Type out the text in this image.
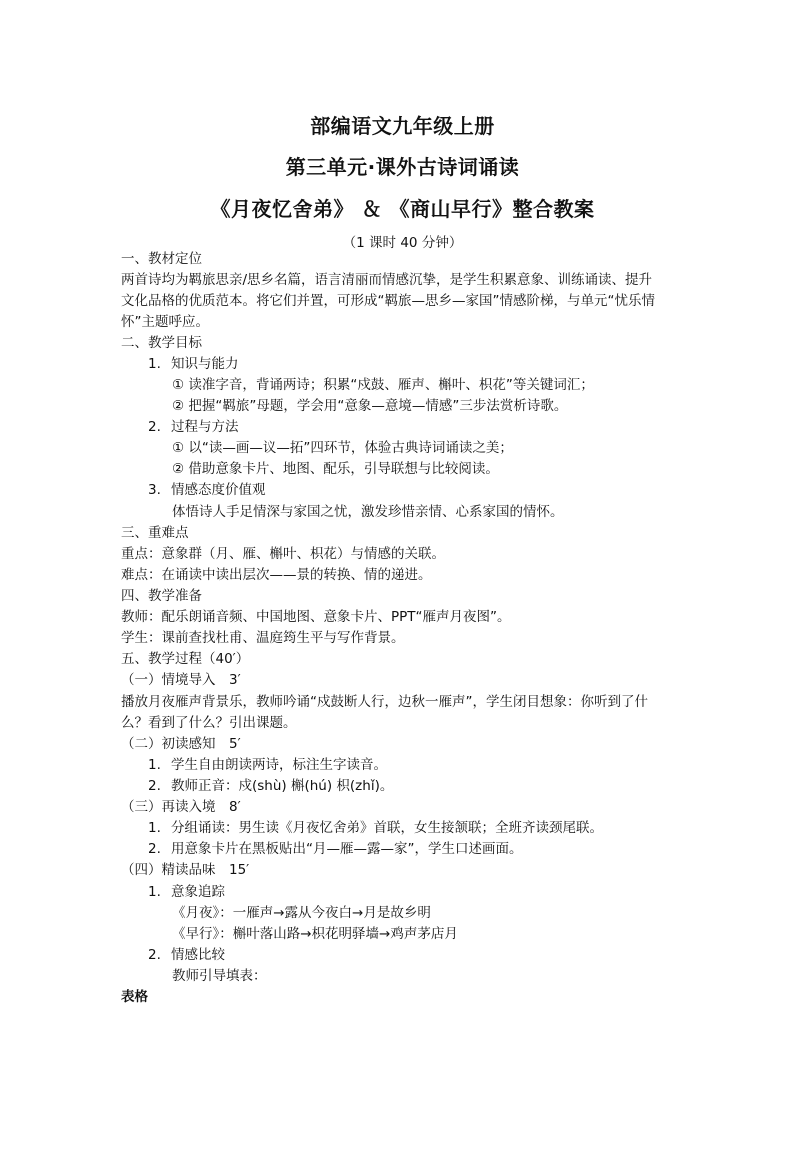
部编语文九年级上册
第三单元·课外古诗词诵读
《月夜忆舍弟》 ＆ 《商山早行》整合教案
（1 课时 40 分钟）
一、教材定位
两首诗均为羁旅思亲/思乡名篇，语言清丽而情感沉挚，是学生积累意象、训练诵读、提升
文化品格的优质范本。将它们并置，可形成“羁旅—思乡—家国”情感阶梯，与单元“忧乐情
怀”主题呼应。
二、教学目标
1. 知识与能力
① 读准字音，背诵两诗；积累“戍鼓、雁声、槲叶、枳花”等关键词汇；
② 把握“羁旅”母题，学会用“意象—意境—情感”三步法赏析诗歌。
2. 过程与方法
① 以“读—画—议—拓”四环节，体验古典诗词诵读之美；
② 借助意象卡片、地图、配乐，引导联想与比较阅读。
3. 情感态度价值观
体悟诗人手足情深与家国之忧，激发珍惜亲情、心系家国的情怀。
三、重难点
重点：意象群（月、雁、槲叶、枳花）与情感的关联。
难点：在诵读中读出层次——景的转换、情的递进。
四、教学准备
教师：配乐朗诵音频、中国地图、意象卡片、PPT“雁声月夜图”。
学生：课前查找杜甫、温庭筠生平与写作背景。
五、教学过程（40′）
（一）情境导入　3′
播放月夜雁声背景乐，教师吟诵“戍鼓断人行，边秋一雁声”，学生闭目想象：你听到了什
么？看到了什么？引出课题。
（二）初读感知　5′
1. 学生自由朗读两诗，标注生字读音。
2. 教师正音：戍(shù) 槲(hú) 枳(zhǐ)。
（三）再读入境　8′
1. 分组诵读：男生读《月夜忆舍弟》首联，女生接颔联；全班齐读颈尾联。
2. 用意象卡片在黑板贴出“月—雁—露—家”，学生口述画面。
（四）精读品味　15′
1. 意象追踪
《月夜》：一雁声→露从今夜白→月是故乡明
《早行》：槲叶落山路→枳花明驿墙→鸡声茅店月
2. 情感比较
教师引导填表：
表格
